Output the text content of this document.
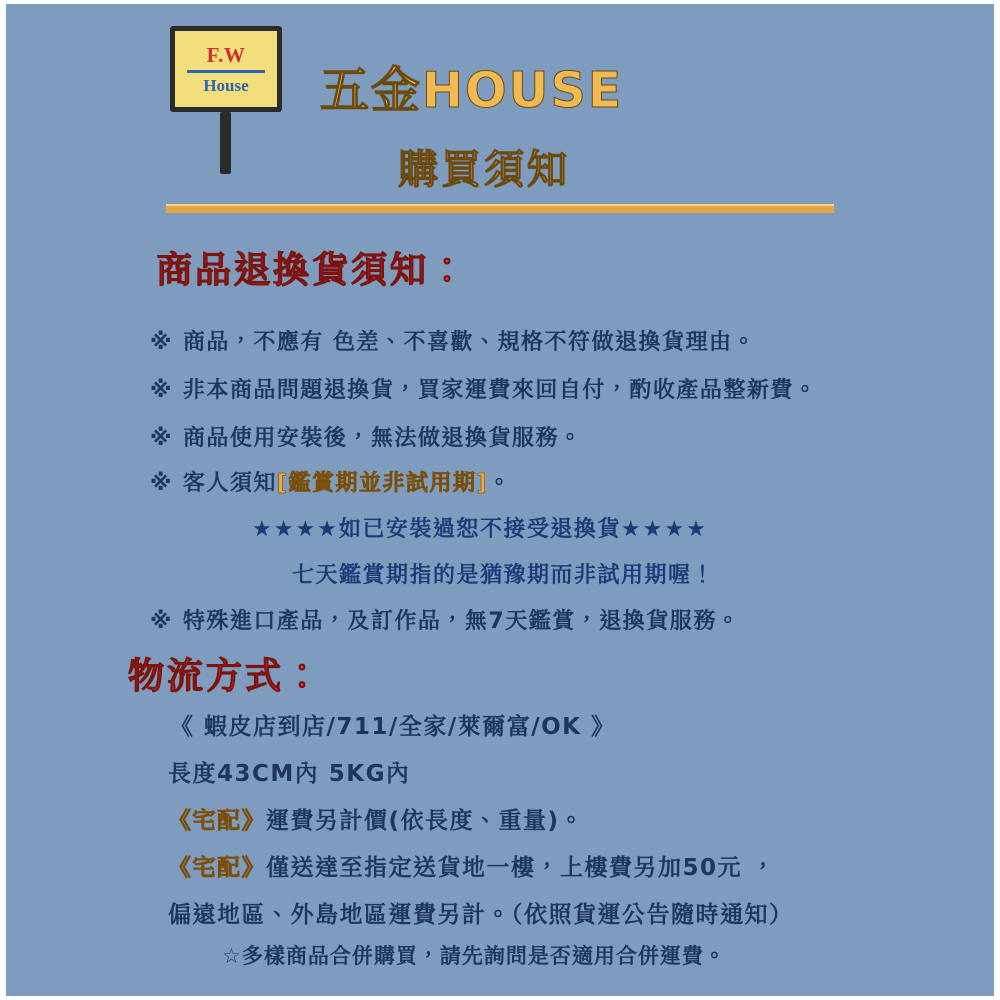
F.W
House 五金HOUSE
購買須知
商品退換貨須知：
※ 商品，不應有 色差、不喜歡、規格不符做退換貨理由。
※ 非本商品問題退換貨，買家運費來回自付，酌收產品整新費。
※ 商品使用安裝後，無法做退換貨服務。
※ 客人須知[鑑賞期並非試用期]。
★★★★如已安裝過恕不接受退換貨★★★★
七天鑑賞期指的是猶豫期而非試用期喔！
※ 特殊進口產品，及訂作品，無7天鑑賞，退換貨服務。
物流方式：
《 蝦皮店到店/711/全家/萊爾富/OK 》
長度43CM內 5KG內
《宅配》運費另計價(依長度、重量)。
《宅配》僅送達至指定送貨地一樓，上樓費另加50元 ，
偏遠地區、外島地區運費另計。（依照貨運公告隨時通知）
☆多樣商品合併購買，請先詢問是否適用合併運費。
